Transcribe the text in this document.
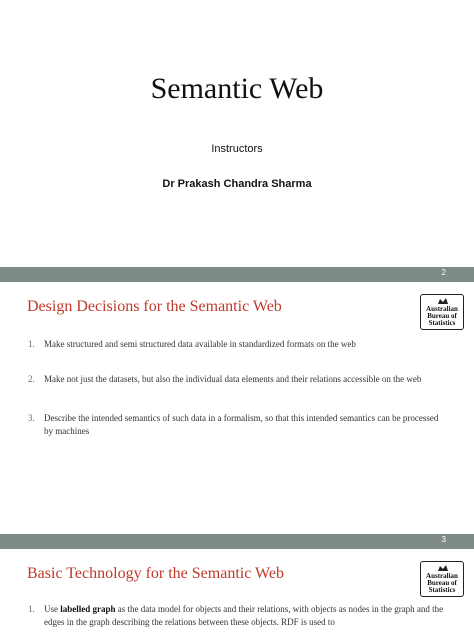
Semantic Web
Instructors
Dr Prakash Chandra Sharma
2
Design Decisions for the Semantic Web	Australian
Bureau of
Statistics
1. Make structured and semi structured data available in standardized formats on the web
2. Make not just the datasets, but also the individual data elements and their relations accessible on the web
3. Describe the intended semantics of such data in a formalism, so that this intended semantics can be processed by machines
3
Basic Technology for the Semantic Web	Australian
Bureau of
Statistics
1. Use labelled graph as the data model for objects and their relations, with objects as nodes in the graph and the edges in the graph describing the relations between these objects. RDF is used to
